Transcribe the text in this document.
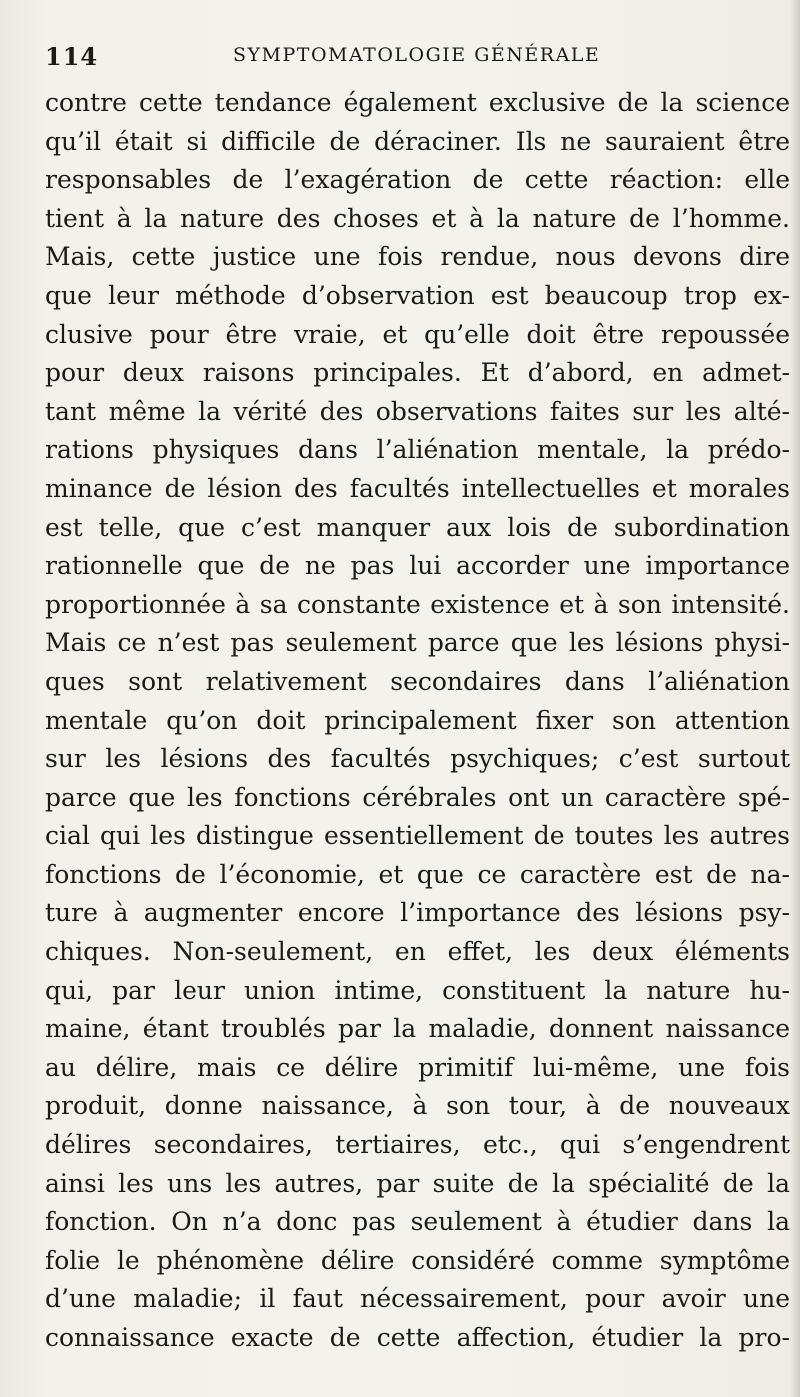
114	SYMPTOMATOLOGIE GÉNÉRALE
contre cette tendance également exclusive de la science
qu’il était si difficile de déraciner. Ils ne sauraient être
responsables de l’exagération de cette réaction: elle
tient à la nature des choses et à la nature de l’homme.
Mais, cette justice une fois rendue, nous devons dire
que leur méthode d’observation est beaucoup trop ex-
clusive pour être vraie, et qu’elle doit être repoussée
pour deux raisons principales. Et d’abord, en admet-
tant même la vérité des observations faites sur les alté-
rations physiques dans l’aliénation mentale, la prédo-
minance de lésion des facultés intellectuelles et morales
est telle, que c’est manquer aux lois de subordination
rationnelle que de ne pas lui accorder une importance
proportionnée à sa constante existence et à son intensité.
Mais ce n’est pas seulement parce que les lésions physi-
ques sont relativement secondaires dans l’aliénation
mentale qu’on doit principalement fixer son attention
sur les lésions des facultés psychiques; c’est surtout
parce que les fonctions cérébrales ont un caractère spé-
cial qui les distingue essentiellement de toutes les autres
fonctions de l’économie, et que ce caractère est de na-
ture à augmenter encore l’importance des lésions psy-
chiques. Non-seulement, en effet, les deux éléments
qui, par leur union intime, constituent la nature hu-
maine, étant troublés par la maladie, donnent naissance
au délire, mais ce délire primitif lui-même, une fois
produit, donne naissance, à son tour, à de nouveaux
délires secondaires, tertiaires, etc., qui s’engendrent
ainsi les uns les autres, par suite de la spécialité de la
fonction. On n’a donc pas seulement à étudier dans la
folie le phénomène délire considéré comme symptôme
d’une maladie; il faut nécessairement, pour avoir une
connaissance exacte de cette affection, étudier la pro-
